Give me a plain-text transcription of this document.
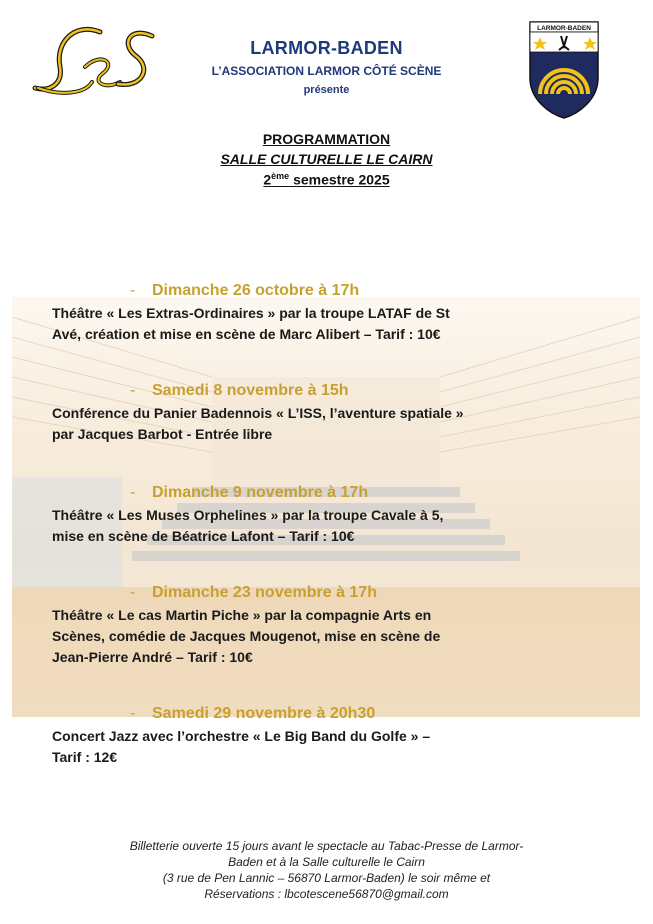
LARMOR-BADEN
LARMOR-BADEN
L’ASSOCIATION LARMOR CÔTÉ SCÈNE
présente
PROGRAMMATION
SALLE CULTURELLE LE CAIRN
2ème semestre 2025
- Dimanche 26 octobre à 17h
Théâtre « Les Extras-Ordinaires » par la troupe LATAF de St
Avé, création et mise en scène de Marc Alibert – Tarif : 10€
- Samedi 8 novembre à 15h
Conférence du Panier Badennois « L’ISS, l’aventure spatiale »
par Jacques Barbot - Entrée libre
- Dimanche 9 novembre à 17h
Théâtre « Les Muses Orphelines » par la troupe Cavale à 5,
mise en scène de Béatrice Lafont – Tarif : 10€
- Dimanche 23 novembre à 17h
Théâtre « Le cas Martin Piche » par la compagnie Arts en
Scènes, comédie de Jacques Mougenot, mise en scène de
Jean-Pierre André – Tarif : 10€
- Samedi 29 novembre à 20h30
Concert Jazz avec l’orchestre « Le Big Band du Golfe » –
Tarif : 12€
Billetterie ouverte 15 jours avant le spectacle au Tabac-Presse de Larmor-
Baden et à la Salle culturelle le Cairn
(3 rue de Pen Lannic – 56870 Larmor-Baden) le soir même et
Réservations : lbcotescene56870@gmail.com
